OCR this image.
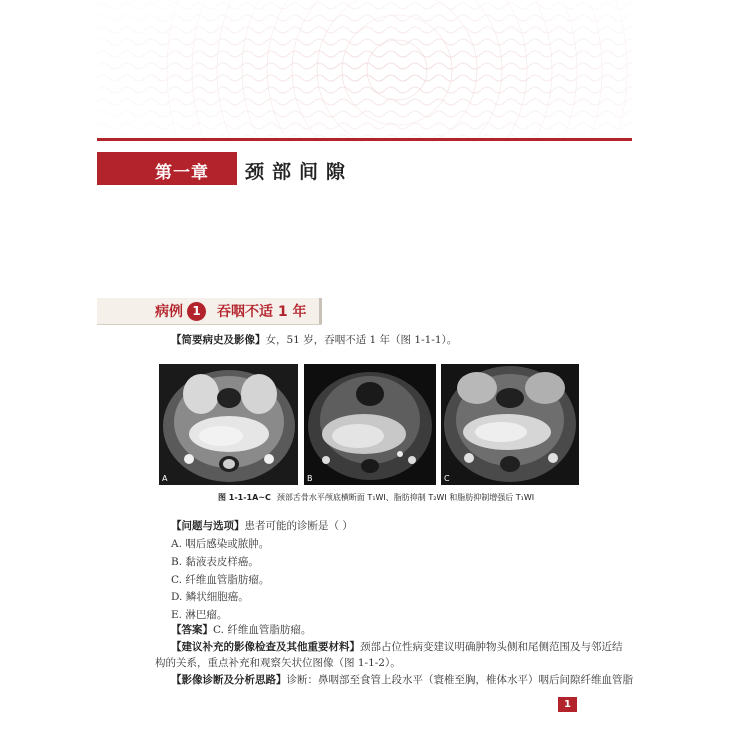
第一章 颈部间隙
病例 1	吞咽不适 1 年
【简要病史及影像】女，51 岁，吞咽不适 1 年（图 1-1-1）。
A	B	C
图 1-1-1A~C 颈部舌骨水平颅底横断面 T₁WI、脂肪抑制 T₂WI 和脂肪抑制增强后 T₁WI
【问题与选项】患者可能的诊断是（ ）
A. 咽后感染或脓肿。
B. 黏液表皮样癌。
C. 纤维血管脂肪瘤。
D. 鳞状细胞癌。
E. 淋巴瘤。
【答案】C. 纤维血管脂肪瘤。
【建议补充的影像检查及其他重要材料】颈部占位性病变建议明确肿物头侧和尾侧范围及与邻近结
构的关系，重点补充和观察矢状位图像（图 1-1-2）。
【影像诊断及分析思路】诊断：鼻咽部至食管上段水平（寰椎至胸，椎体水平）咽后间隙纤维血管脂
1
